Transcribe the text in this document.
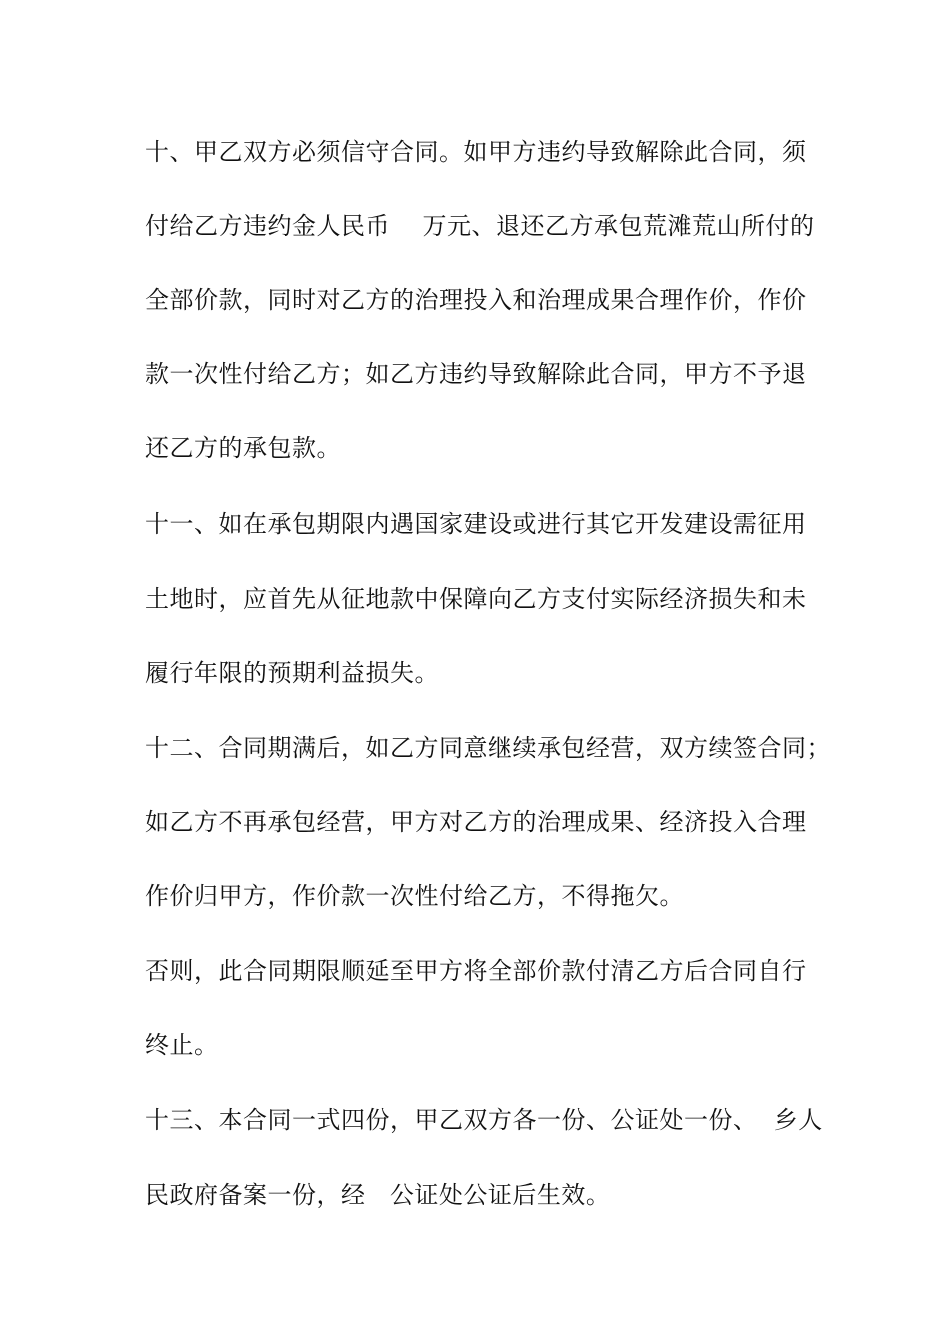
十、甲乙双方必须信守合同。如甲方违约导致解除此合同，须
付给乙方违约金人民币    万元、退还乙方承包荒滩荒山所付的
全部价款，同时对乙方的治理投入和治理成果合理作价，作价
款一次性付给乙方；如乙方违约导致解除此合同，甲方不予退
还乙方的承包款。
十一、如在承包期限内遇国家建设或进行其它开发建设需征用
土地时，应首先从征地款中保障向乙方支付实际经济损失和未
履行年限的预期利益损失。
十二、合同期满后，如乙方同意继续承包经营，双方续签合同；
如乙方不再承包经营，甲方对乙方的治理成果、经济投入合理
作价归甲方，作价款一次性付给乙方，不得拖欠。
否则，此合同期限顺延至甲方将全部价款付清乙方后合同自行
终止。
十三、本合同一式四份，甲乙双方各一份、公证处一份、  乡人
民政府备案一份，经   公证处公证后生效。
